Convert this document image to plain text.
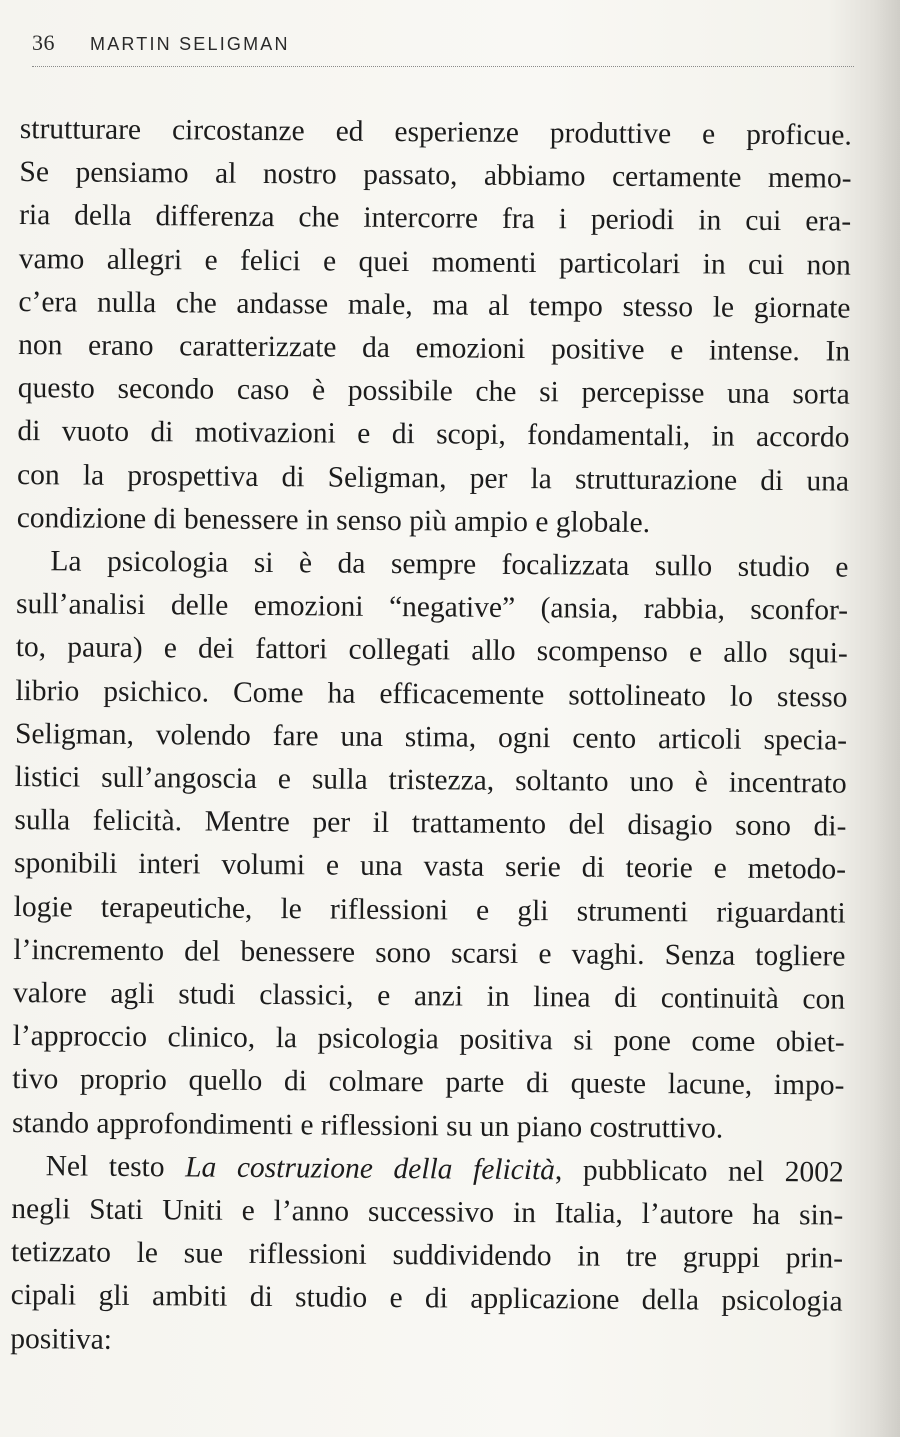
36 MARTIN SELIGMAN

strutturare circostanze ed esperienze produttive e proficue.
Se pensiamo al nostro passato, abbiamo certamente memo-
ria della differenza che intercorre fra i periodi in cui era-
vamo allegri e felici e quei momenti particolari in cui non
c’era nulla che andasse male, ma al tempo stesso le giornate
non erano caratterizzate da emozioni positive e intense. In
questo secondo caso è possibile che si percepisse una sorta
di vuoto di motivazioni e di scopi, fondamentali, in accordo
con la prospettiva di Seligman, per la strutturazione di una
condizione di benessere in senso più ampio e globale.

La psicologia si è da sempre focalizzata sullo studio e
sull’analisi delle emozioni “negative” (ansia, rabbia, sconfor-
to, paura) e dei fattori collegati allo scompenso e allo squi-
librio psichico. Come ha efficacemente sottolineato lo stesso
Seligman, volendo fare una stima, ogni cento articoli specia-
listici sull’angoscia e sulla tristezza, soltanto uno è incentrato
sulla felicità. Mentre per il trattamento del disagio sono di-
sponibili interi volumi e una vasta serie di teorie e metodo-
logie terapeutiche, le riflessioni e gli strumenti riguardanti
l’incremento del benessere sono scarsi e vaghi. Senza togliere
valore agli studi classici, e anzi in linea di continuità con
l’approccio clinico, la psicologia positiva si pone come obiet-
tivo proprio quello di colmare parte di queste lacune, impo-
stando approfondimenti e riflessioni su un piano costruttivo.

Nel testo La costruzione della felicità, pubblicato nel 2002
negli Stati Uniti e l’anno successivo in Italia, l’autore ha sin-
tetizzato le sue riflessioni suddividendo in tre gruppi prin-
cipali gli ambiti di studio e di applicazione della psicologia
positiva:
